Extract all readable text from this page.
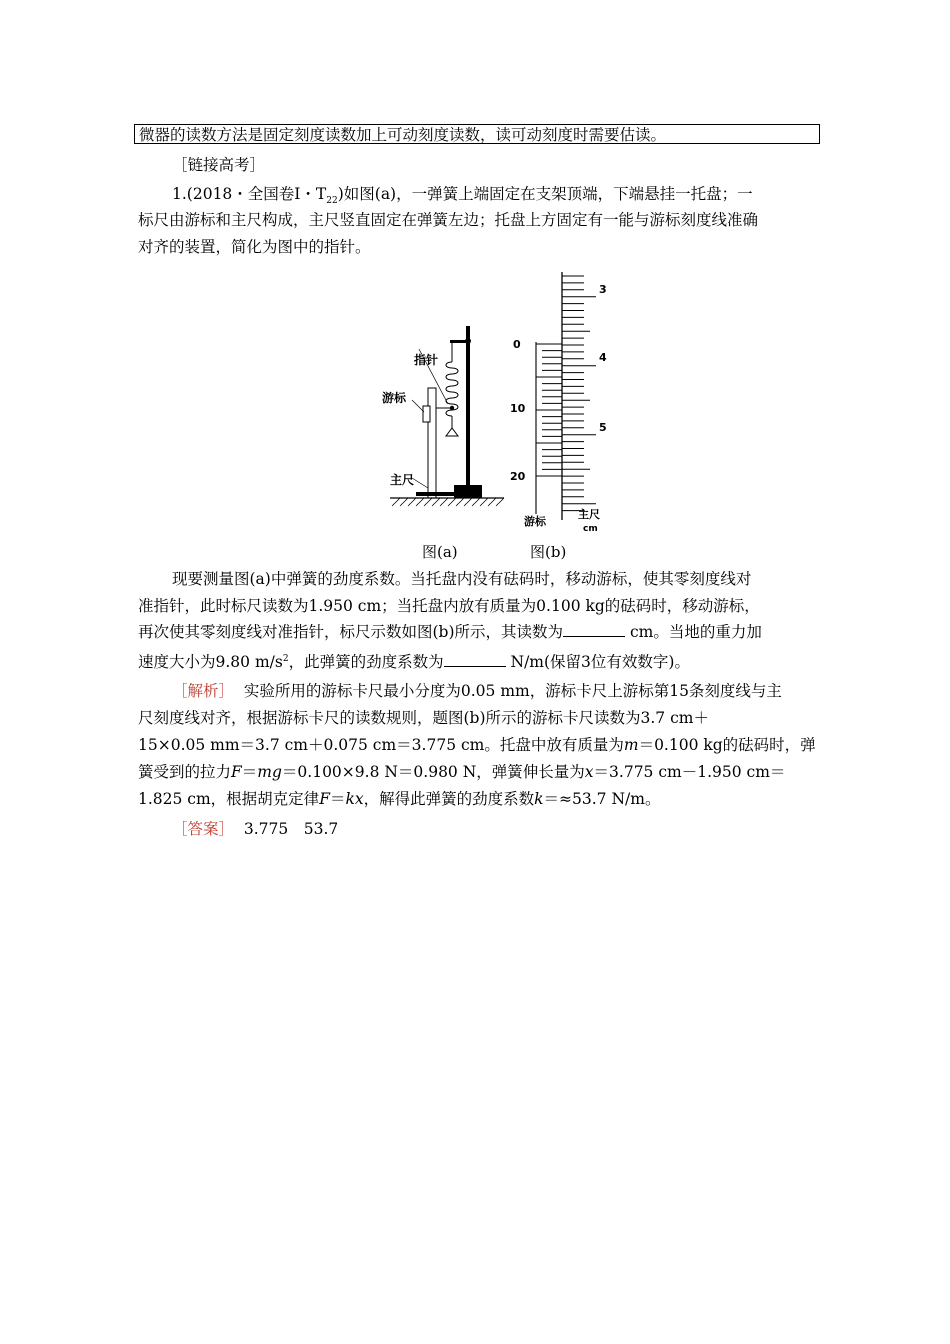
微器的读数方法是固定刻度读数加上可动刻度读数，读可动刻度时需要估读。
［链接高考］
1.(2018・全国卷Ⅰ・$T_{22}$)如图(a)，一弹簧上端固定在支架顶端，下端悬挂一托盘；一
标尺由游标和主尺构成，主尺竖直固定在弹簧左边；托盘上方固定有一能与游标刻度线准确
对齐的装置，简化为图中的指针。
指针
游标
主尺
3
4
5
0
10
20
游标
主尺
cm
图(a)	图(b)
现要测量图(a)中弹簧的劲度系数。当托盘内没有砝码时，移动游标，使其零刻度线对
准指针，此时标尺读数为1.950 cm；当托盘内放有质量为0.100 kg的砝码时，移动游标，
再次使其零刻度线对准指针，标尺示数如图(b)所示，其读数为	cm。当地的重力加
速度大小为9.80 $m/s^2$，此弹簧的劲度系数为	N/m(保留3位有效数字)。
［解析］ 实验所用的游标卡尺最小分度为0.05 mm，游标卡尺上游标第15条刻度线与主
尺刻度线对齐，根据游标卡尺的读数规则，题图(b)所示的游标卡尺读数为3.7 cm＋
15×0.05 mm＝3.7 cm＋0.075 cm＝3.775 cm。托盘中放有质量为m＝0.100 kg的砝码时，弹
簧受到的拉力F＝mg＝0.100×9.8 N＝0.980 N，弹簧伸长量为x＝3.775 cm－1.950 cm＝
1.825 cm，根据胡克定律F＝kx，解得此弹簧的劲度系数k＝≈53.7 N/m。
［答案］ 3.775　53.7
